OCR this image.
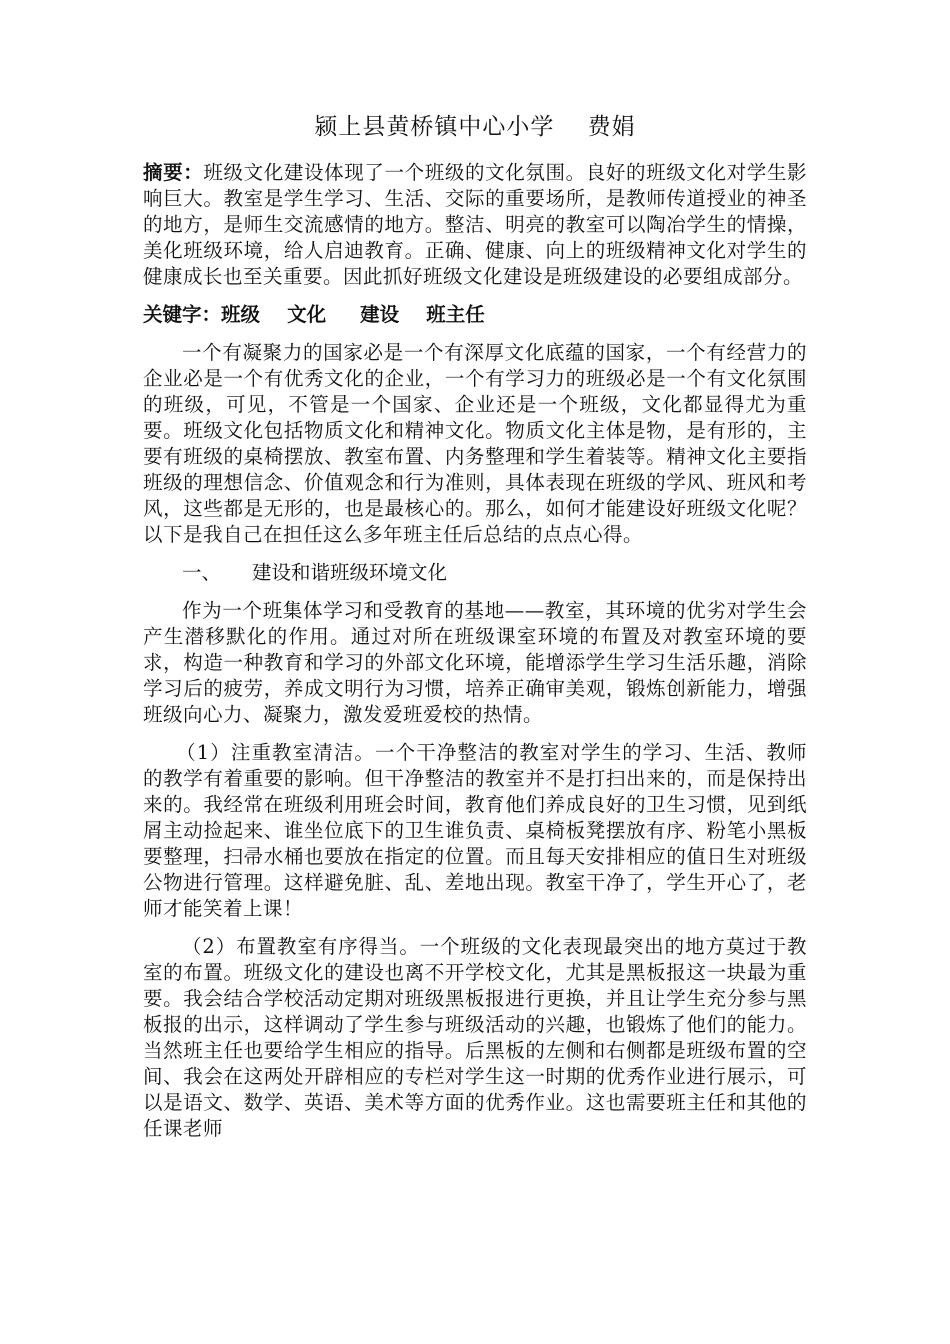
颍上县黄桥镇中心小学    费娟

摘要：班级文化建设体现了一个班级的文化氛围。良好的班级文化对学生影响巨大。教室是学生学习、生活、交际的重要场所，是教师传道授业的神圣的地方，是师生交流感情的地方。整洁、明亮的教室可以陶冶学生的情操，美化班级环境，给人启迪教育。正确、健康、向上的班级精神文化对学生的健康成长也至关重要。因此抓好班级文化建设是班级建设的必要组成部分。

关键字：班级    文化     建设    班主任

一个有凝聚力的国家必是一个有深厚文化底蕴的国家，一个有经营力的企业必是一个有优秀文化的企业，一个有学习力的班级必是一个有文化氛围的班级，可见，不管是一个国家、企业还是一个班级，文化都显得尤为重要。班级文化包括物质文化和精神文化。物质文化主体是物，是有形的，主要有班级的桌椅摆放、教室布置、内务整理和学生着装等。精神文化主要指班级的理想信念、价值观念和行为准则，具体表现在班级的学风、班风和考风，这些都是无形的，也是最核心的。那么，如何才能建设好班级文化呢？以下是我自己在担任这么多年班主任后总结的点点心得。

一、     建设和谐班级环境文化

作为一个班集体学习和受教育的基地——教室，其环境的优劣对学生会产生潜移默化的作用。通过对所在班级课室环境的布置及对教室环境的要求，构造一种教育和学习的外部文化环境，能增添学生学习生活乐趣，消除学习后的疲劳，养成文明行为习惯，培养正确审美观，锻炼创新能力，增强班级向心力、凝聚力，激发爱班爱校的热情。

（1）注重教室清洁。一个干净整洁的教室对学生的学习、生活、教师的教学有着重要的影响。但干净整洁的教室并不是打扫出来的，而是保持出来的。我经常在班级利用班会时间，教育他们养成良好的卫生习惯，见到纸屑主动捡起来、谁坐位底下的卫生谁负责、桌椅板凳摆放有序、粉笔小黑板要整理，扫帚水桶也要放在指定的位置。而且每天安排相应的值日生对班级公物进行管理。这样避免脏、乱、差地出现。教室干净了，学生开心了，老师才能笑着上课！

（2）布置教室有序得当。一个班级的文化表现最突出的地方莫过于教室的布置。班级文化的建设也离不开学校文化，尤其是黑板报这一块最为重要。我会结合学校活动定期对班级黑板报进行更换，并且让学生充分参与黑板报的出示，这样调动了学生参与班级活动的兴趣，也锻炼了他们的能力。当然班主任也要给学生相应的指导。后黑板的左侧和右侧都是班级布置的空间、我会在这两处开辟相应的专栏对学生这一时期的优秀作业进行展示，可以是语文、数学、英语、美术等方面的优秀作业。这也需要班主任和其他的任课老师
